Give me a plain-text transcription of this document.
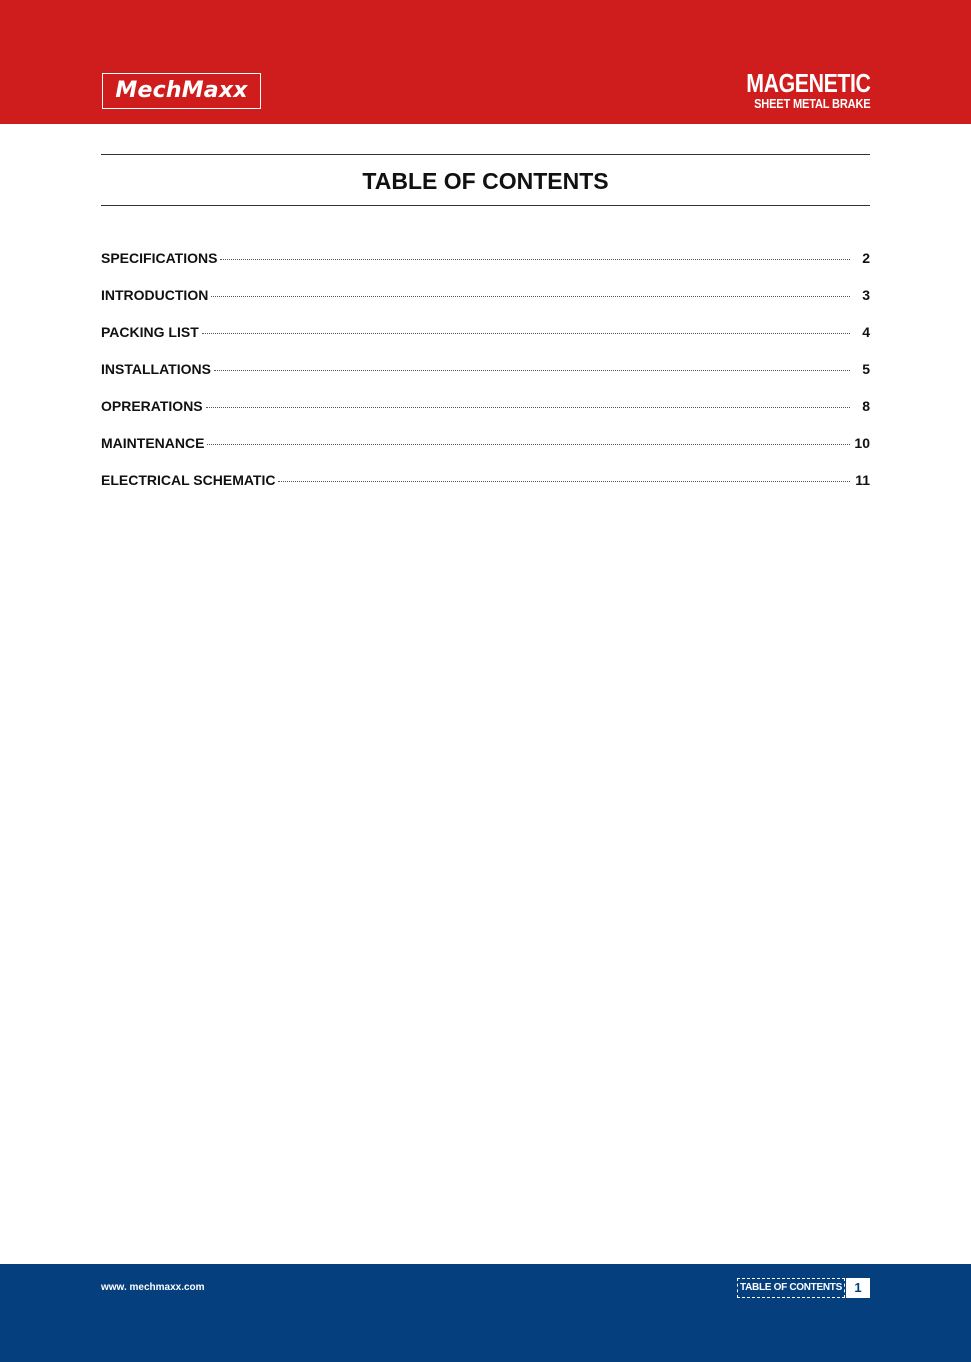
MechMaxx	MAGENETIC
SHEET METAL BRAKE
TABLE OF CONTENTS
SPECIFICATIONS	2
INTRODUCTION	3
PACKING LIST	4
INSTALLATIONS	5
OPRERATIONS	8
MAINTENANCE	10
ELECTRICAL SCHEMATIC	11
www. mechmaxx.com	TABLE OF CONTENTS 1
